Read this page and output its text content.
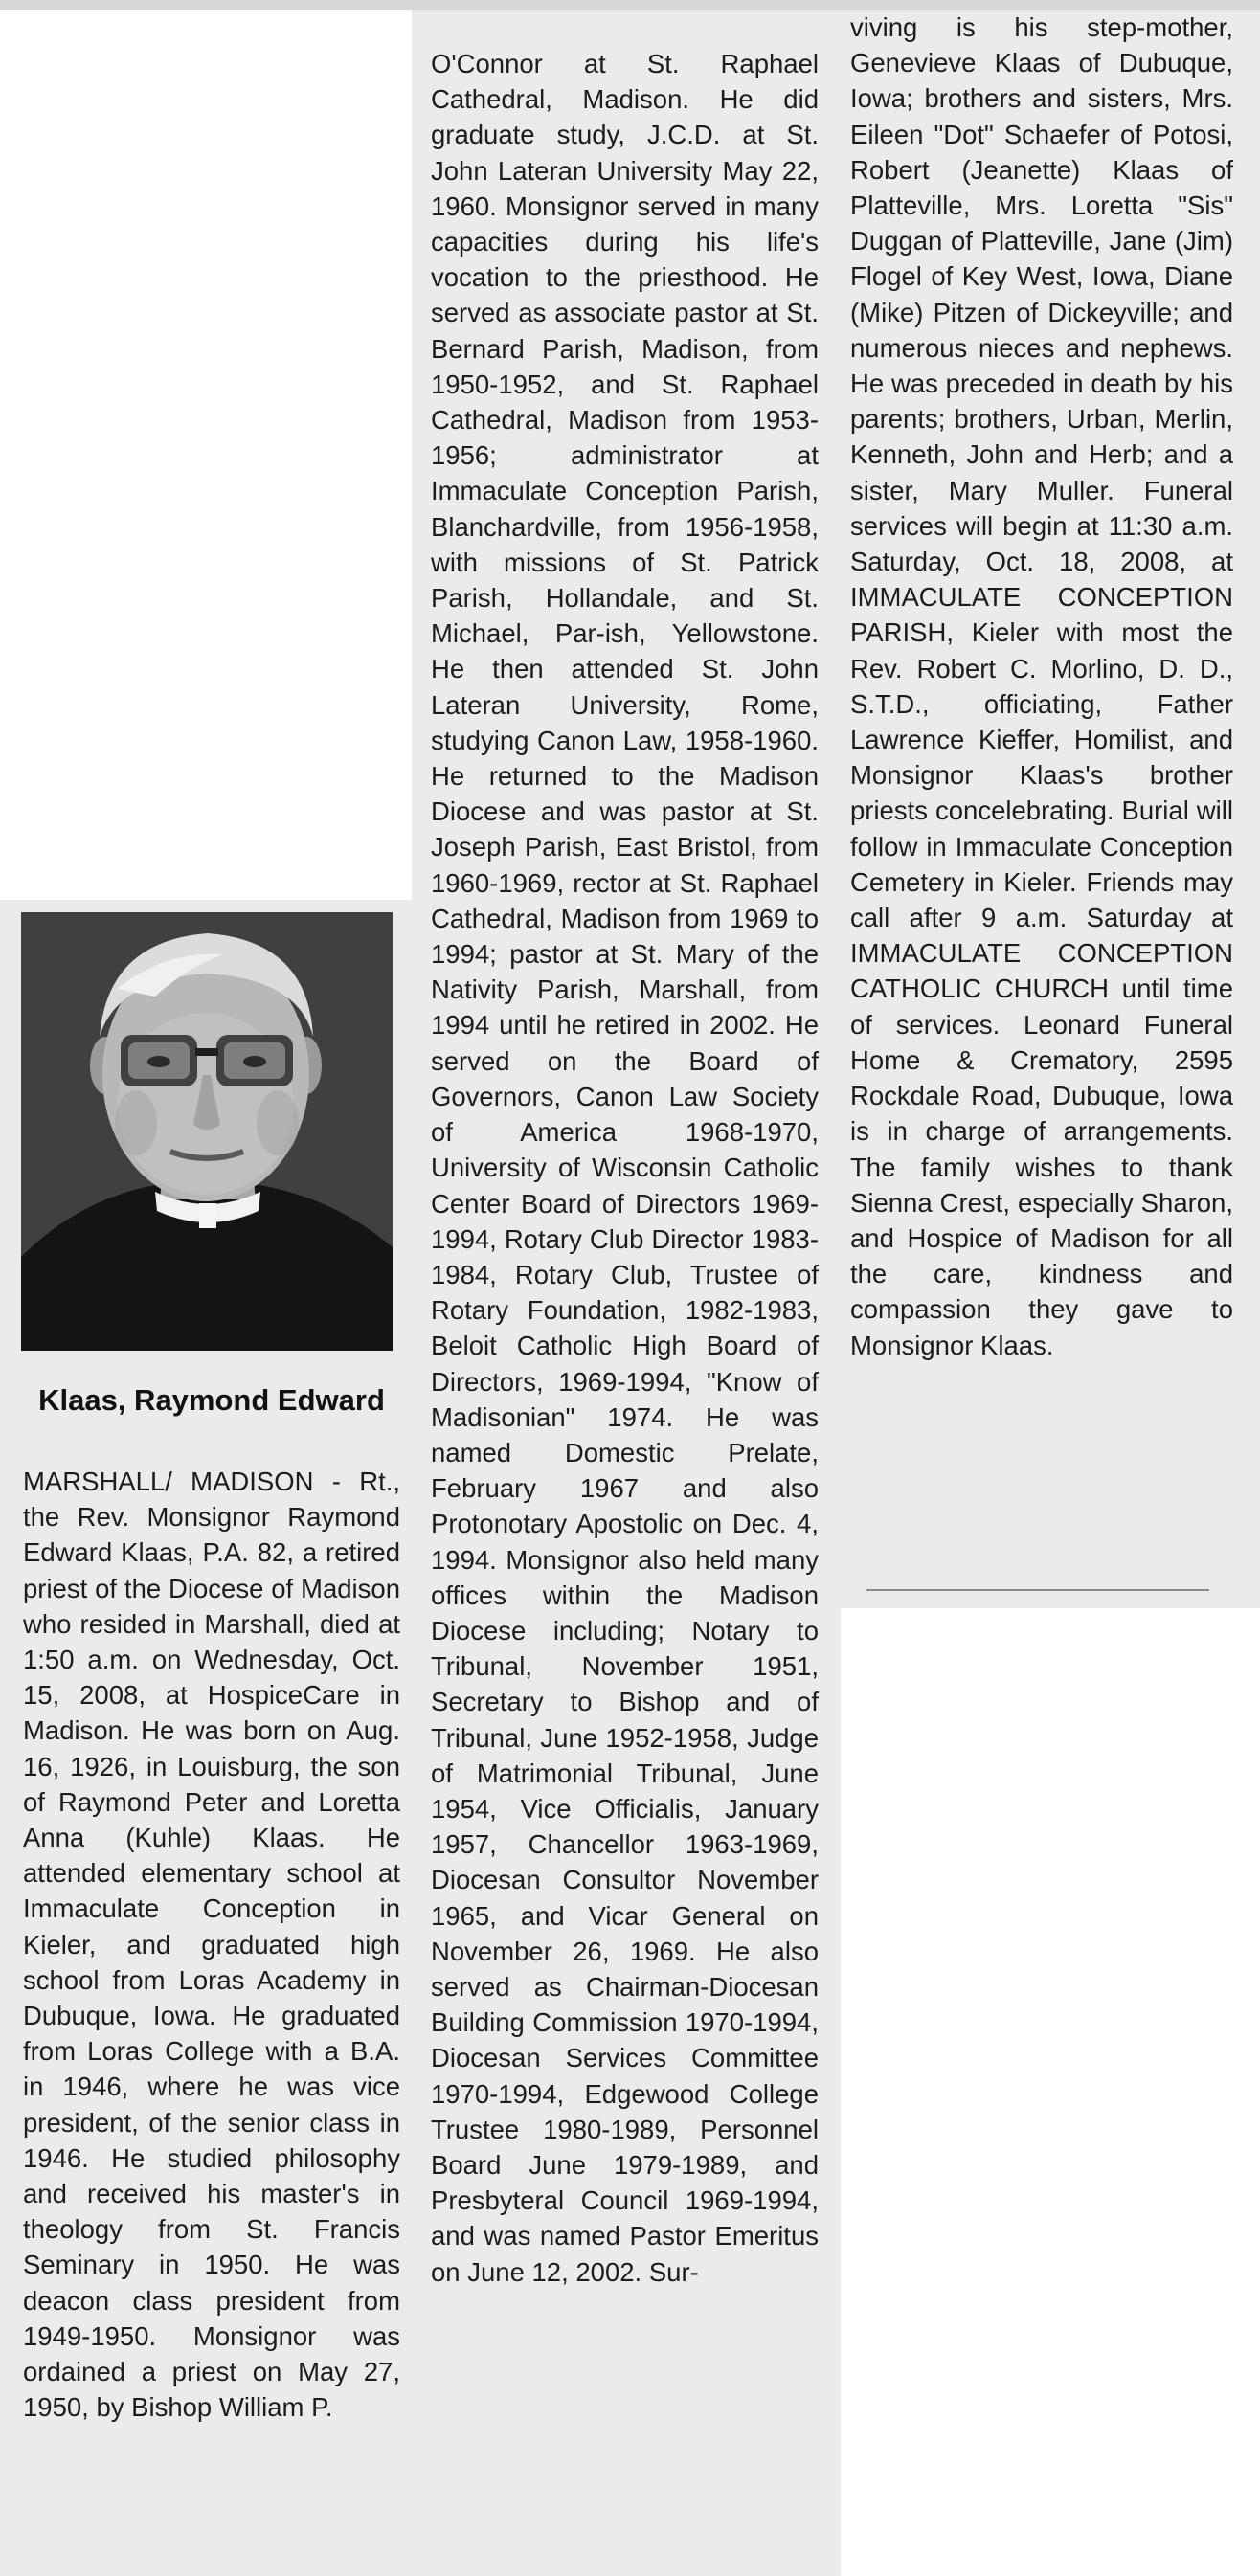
Klaas, Raymond Edward
MARSHALL/ MADISON - Rt., the Rev. Monsignor Raymond Edward Klaas, P.A. 82, a retired priest of the Diocese of Madison who resided in Marshall, died at 1:50 a.m. on Wednesday, Oct. 15, 2008, at HospiceCare in Madison. He was born on Aug. 16, 1926, in Louisburg, the son of Raymond Peter and Loretta Anna (Kuhle) Klaas. He attended elementary school at Immaculate Conception in Kieler, and graduated high school from Loras Academy in Dubuque, Iowa. He graduated from Loras College with a B.A. in 1946, where he was vice president, of the senior class in 1946. He studied philosophy and received his master's in theology from St. Francis Seminary in 1950. He was deacon class president from 1949-1950. Monsignor was ordained a priest on May 27, 1950, by Bishop William P.
O'Connor at St. Raphael Cathedral, Madison. He did graduate study, J.C.D. at St. John Lateran University May 22, 1960. Monsignor served in many capacities during his life's vocation to the priesthood. He served as associate pastor at St. Bernard Parish, Madison, from 1950-1952, and St. Raphael Cathedral, Madison from 1953-1956; administrator at Immaculate Conception Parish, Blanchardville, from 1956-1958, with missions of St. Patrick Parish, Hollandale, and St. Michael, Par-ish, Yellowstone. He then attended St. John Lateran University, Rome, studying Canon Law, 1958-1960. He returned to the Madison Diocese and was pastor at St. Joseph Parish, East Bristol, from 1960-1969, rector at St. Raphael Cathedral, Madison from 1969 to 1994; pastor at St. Mary of the Nativity Parish, Marshall, from 1994 until he retired in 2002. He served on the Board of Governors, Canon Law Society of America 1968-1970, University of Wisconsin Catholic Center Board of Directors 1969-1994, Rotary Club Director 1983-1984, Rotary Club, Trustee of Rotary Foundation, 1982-1983, Beloit Catholic High Board of Directors, 1969-1994, "Know of Madisonian" 1974. He was named Domestic Prelate, February 1967 and also Protonotary Apostolic on Dec. 4, 1994. Monsignor also held many offices within the Madison Diocese including; Notary to Tribunal, November 1951, Secretary to Bishop and of Tribunal, June 1952-1958, Judge of Matrimonial Tribunal, June 1954, Vice Officialis, January 1957, Chancellor 1963-1969, Diocesan Consultor November 1965, and Vicar General on November 26, 1969. He also served as Chairman-Diocesan Building Commission 1970-1994, Diocesan Services Committee 1970-1994, Edgewood College Trustee 1980-1989, Personnel Board June 1979-1989, and Presbyteral Council 1969-1994, and was named Pastor Emeritus on June 12, 2002. Sur-
viving is his step-mother, Genevieve Klaas of Dubuque, Iowa; brothers and sisters, Mrs. Eileen "Dot" Schaefer of Potosi, Robert (Jeanette) Klaas of Platteville, Mrs. Loretta "Sis" Duggan of Platteville, Jane (Jim) Flogel of Key West, Iowa, Diane (Mike) Pitzen of Dickeyville; and numerous nieces and nephews. He was preceded in death by his parents; brothers, Urban, Merlin, Kenneth, John and Herb; and a sister, Mary Muller. Funeral services will begin at 11:30 a.m. Saturday, Oct. 18, 2008, at IMMACULATE CONCEPTION PARISH, Kieler with most the Rev. Robert C. Morlino, D. D., S.T.D., officiating, Father Lawrence Kieffer, Homilist, and Monsignor Klaas's brother priests concelebrating. Burial will follow in Immaculate Conception Cemetery in Kieler. Friends may call after 9 a.m. Saturday at IMMACULATE CONCEPTION CATHOLIC CHURCH until time of services. Leonard Funeral Home & Crematory, 2595 Rockdale Road, Dubuque, Iowa is in charge of arrangements. The family wishes to thank Sienna Crest, especially Sharon, and Hospice of Madison for all the care, kindness and compassion they gave to Monsignor Klaas.
